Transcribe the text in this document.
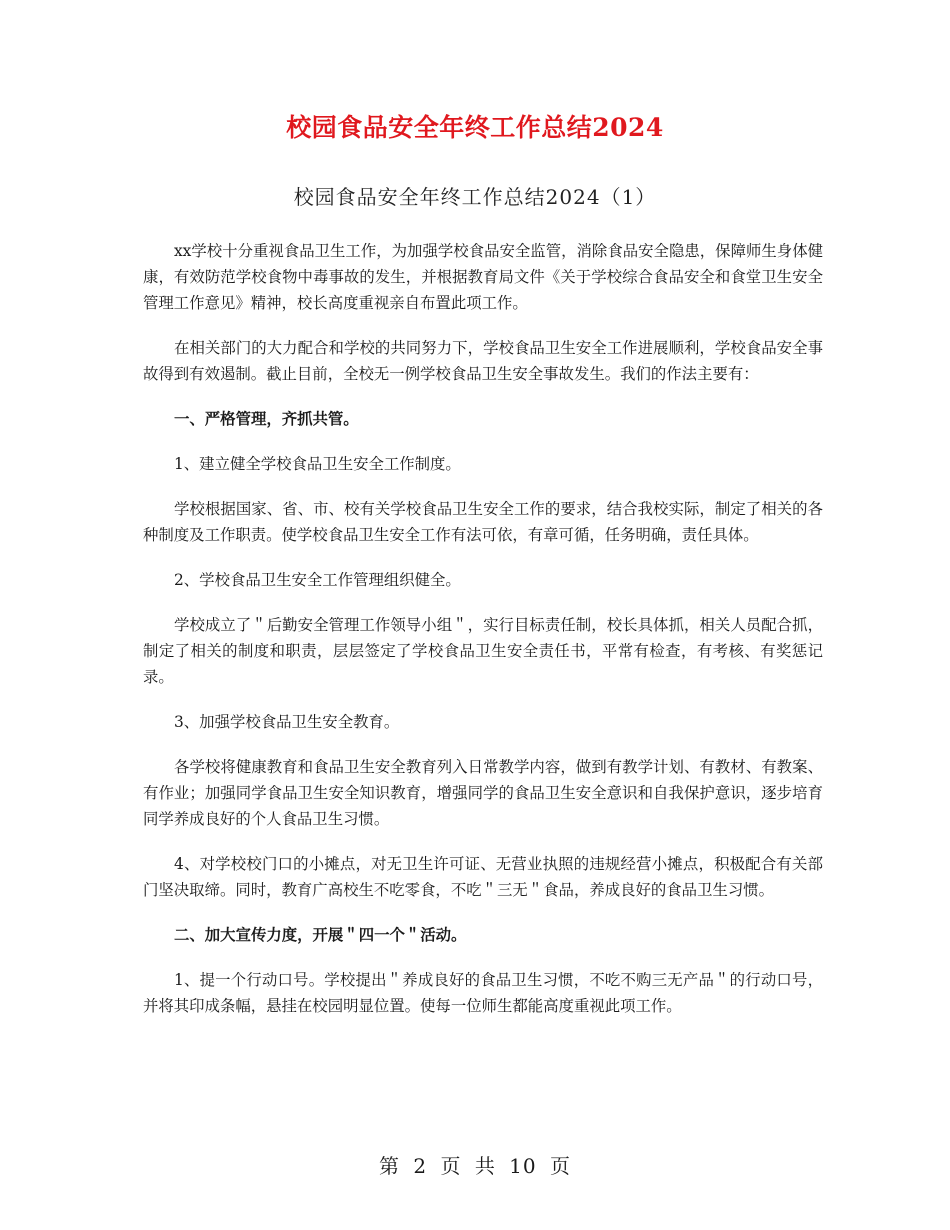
校园食品安全年终工作总结2024
校园食品安全年终工作总结2024（1）

xx学校十分重视食品卫生工作，为加强学校食品安全监管，消除食品安全隐患，保障师生身体健康，有效防范学校食物中毒事故的发生，并根据教育局文件《关于学校综合食品安全和食堂卫生安全管理工作意见》精神，校长高度重视亲自布置此项工作。

在相关部门的大力配合和学校的共同努力下，学校食品卫生安全工作进展顺利，学校食品安全事故得到有效遏制。截止目前，全校无一例学校食品卫生安全事故发生。我们的作法主要有：

一、严格管理，齐抓共管。

1、建立健全学校食品卫生安全工作制度。

学校根据国家、省、市、校有关学校食品卫生安全工作的要求，结合我校实际，制定了相关的各种制度及工作职责。使学校食品卫生安全工作有法可依，有章可循，任务明确，责任具体。

2、学校食品卫生安全工作管理组织健全。

学校成立了＂后勤安全管理工作领导小组＂，实行目标责任制，校长具体抓，相关人员配合抓，制定了相关的制度和职责，层层签定了学校食品卫生安全责任书，平常有检查，有考核、有奖惩记录。

3、加强学校食品卫生安全教育。

各学校将健康教育和食品卫生安全教育列入日常教学内容，做到有教学计划、有教材、有教案、有作业；加强同学食品卫生安全知识教育，增强同学的食品卫生安全意识和自我保护意识，逐步培育同学养成良好的个人食品卫生习惯。

4、对学校校门口的小摊点，对无卫生许可证、无营业执照的违规经营小摊点，积极配合有关部门坚决取缔。同时，教育广高校生不吃零食，不吃＂三无＂食品，养成良好的食品卫生习惯。

二、加大宣传力度，开展＂四一个＂活动。

1、提一个行动口号。学校提出＂养成良好的食品卫生习惯，不吃不购三无产品＂的行动口号，并将其印成条幅，悬挂在校园明显位置。使每一位师生都能高度重视此项工作。

第 2 页 共 10 页
